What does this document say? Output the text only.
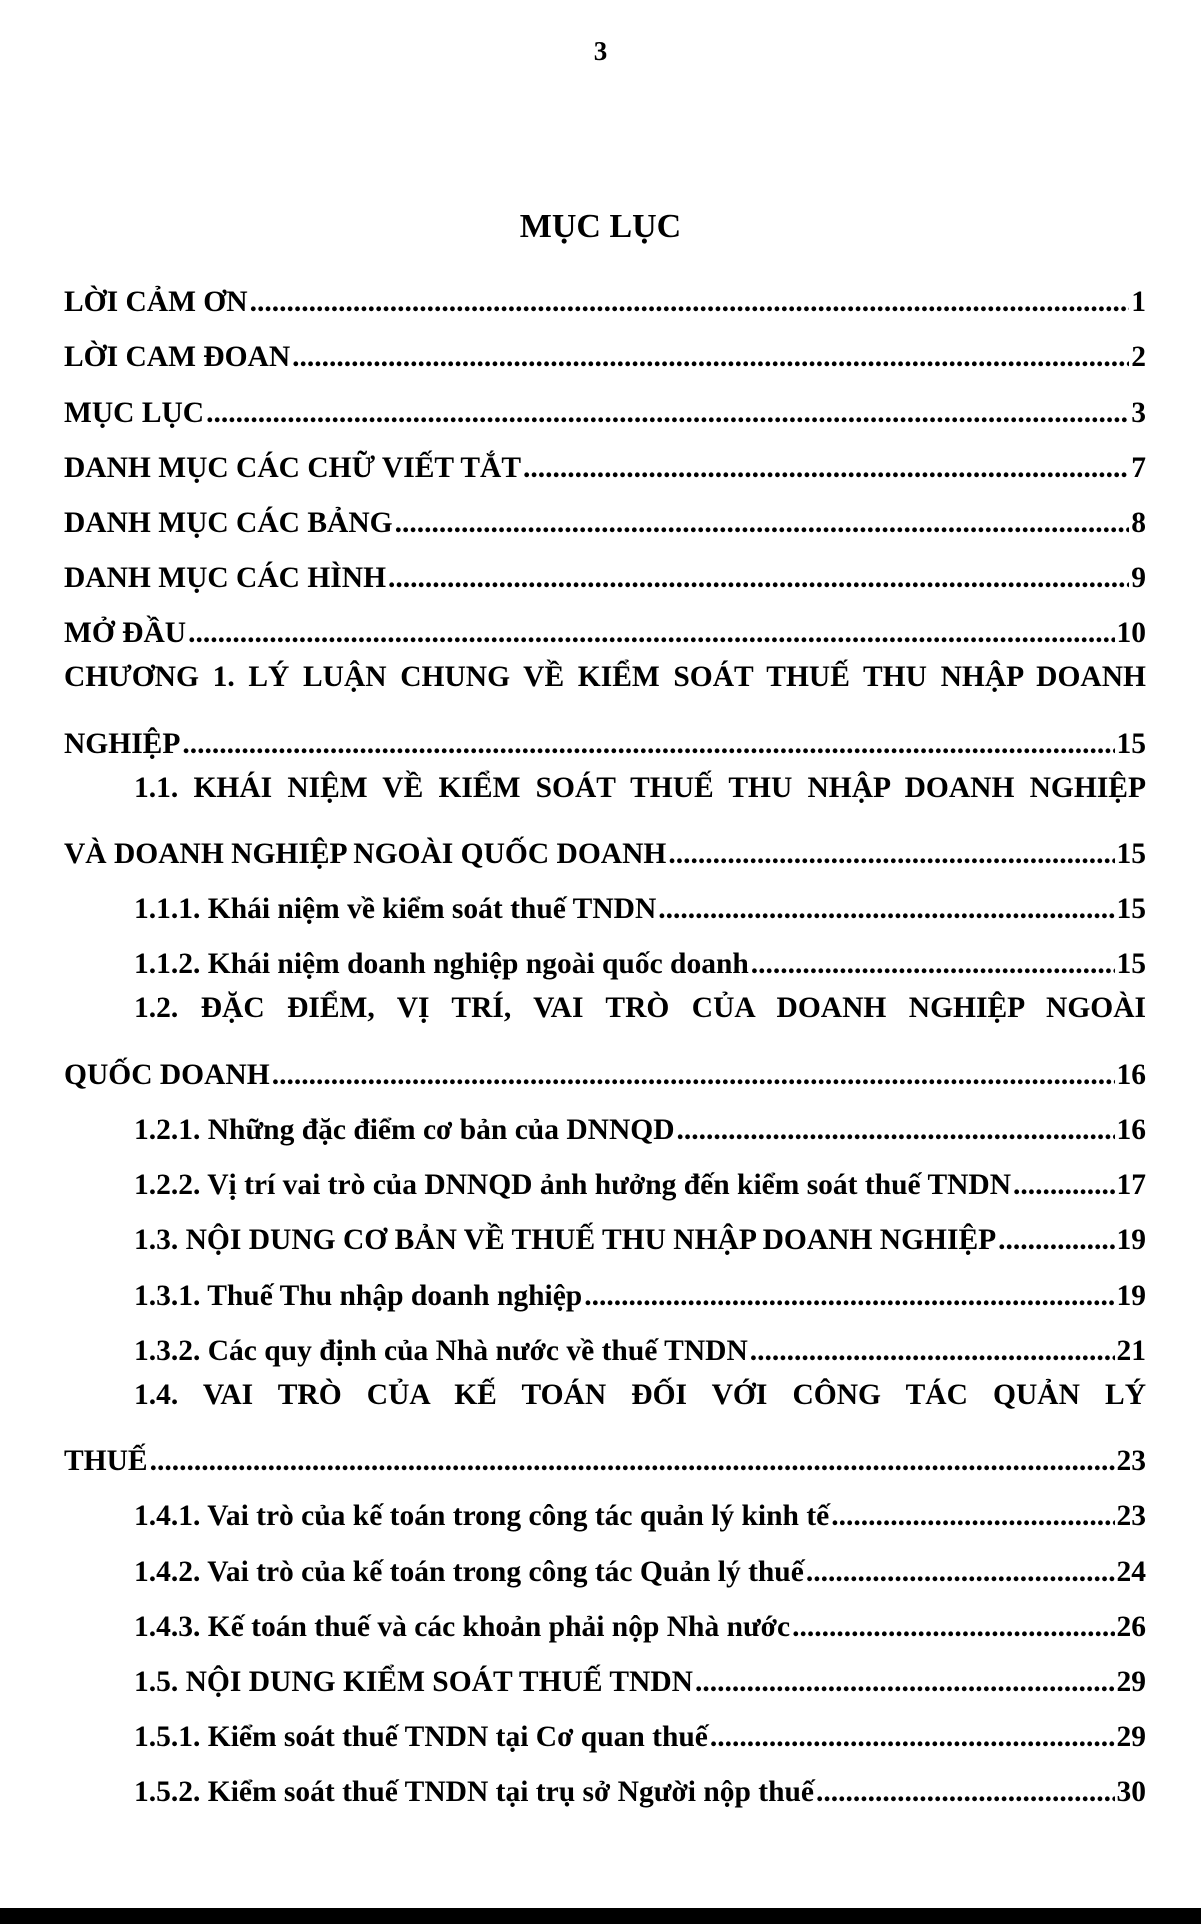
3
MỤC LỤC
LỜI CẢM ƠN .....	1
LỜI CAM ĐOAN .....	2
MỤC LỤC .....	3
DANH MỤC CÁC CHỮ VIẾT TẮT .....	7
DANH MỤC CÁC BẢNG .....	8
DANH MỤC CÁC HÌNH .....	9
MỞ ĐẦU .....	10
CHƯƠNG 1. LÝ LUẬN CHUNG VỀ KIỂM SOÁT THUẾ THU NHẬP DOANH
NGHIỆP .....	15
1.1. KHÁI NIỆM VỀ KIỂM SOÁT THUẾ THU NHẬP DOANH NGHIỆP
VÀ DOANH NGHIỆP NGOÀI QUỐC DOANH .....	15
1.1.1. Khái niệm về kiểm soát thuế TNDN .....	15
1.1.2. Khái niệm doanh nghiệp ngoài quốc doanh .....	15
1.2. ĐẶC ĐIỂM, VỊ TRÍ, VAI TRÒ CỦA DOANH NGHIỆP NGOÀI
QUỐC DOANH .....	16
1.2.1. Những đặc điểm cơ bản của DNNQD .....	16
1.2.2. Vị trí vai trò của DNNQD ảnh hưởng đến kiểm soát thuế TNDN .....	17
1.3. NỘI DUNG CƠ BẢN VỀ THUẾ THU NHẬP DOANH NGHIỆP .....	19
1.3.1. Thuế Thu nhập doanh nghiệp .....	19
1.3.2. Các quy định của Nhà nước về thuế TNDN .....	21
1.4. VAI TRÒ CỦA KẾ TOÁN ĐỐI VỚI CÔNG TÁC QUẢN LÝ
THUẾ .....	23
1.4.1. Vai trò của kế toán trong công tác quản lý kinh tế .....	23
1.4.2. Vai trò của kế toán trong công tác Quản lý thuế .....	24
1.4.3. Kế toán thuế và các khoản phải nộp Nhà nước .....	26
1.5. NỘI DUNG KIỂM SOÁT THUẾ TNDN .....	29
1.5.1. Kiểm soát thuế TNDN tại Cơ quan thuế .....	29
1.5.2. Kiểm soát thuế TNDN tại trụ sở Người nộp thuế .....	30
